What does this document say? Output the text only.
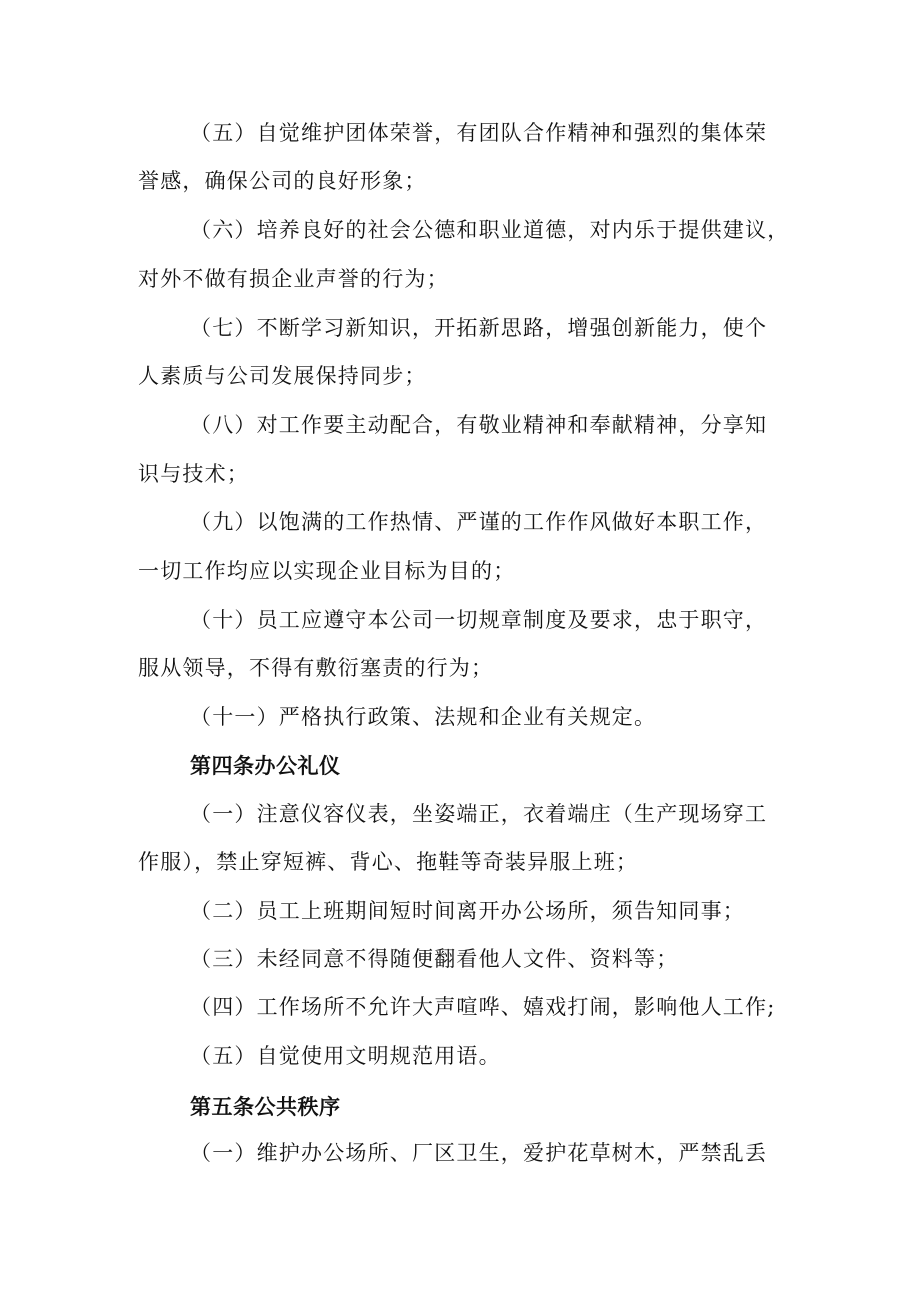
（五）自觉维护团体荣誉，有团队合作精神和强烈的集体荣
誉感，确保公司的良好形象；
（六）培养良好的社会公德和职业道德，对内乐于提供建议，
对外不做有损企业声誉的行为；
（七）不断学习新知识，开拓新思路，增强创新能力，使个
人素质与公司发展保持同步；
（八）对工作要主动配合，有敬业精神和奉献精神，分享知
识与技术；
（九）以饱满的工作热情、严谨的工作作风做好本职工作，
一切工作均应以实现企业目标为目的；
（十）员工应遵守本公司一切规章制度及要求，忠于职守，
服从领导，不得有敷衍塞责的行为；
（十一）严格执行政策、法规和企业有关规定。
第四条办公礼仪
（一）注意仪容仪表，坐姿端正，衣着端庄（生产现场穿工
作服），禁止穿短裤、背心、拖鞋等奇装异服上班；
（二）员工上班期间短时间离开办公场所，须告知同事；
（三）未经同意不得随便翻看他人文件、资料等；
（四）工作场所不允许大声喧哗、嬉戏打闹，影响他人工作;
（五）自觉使用文明规范用语。
第五条公共秩序
（一）维护办公场所、厂区卫生，爱护花草树木，严禁乱丢
